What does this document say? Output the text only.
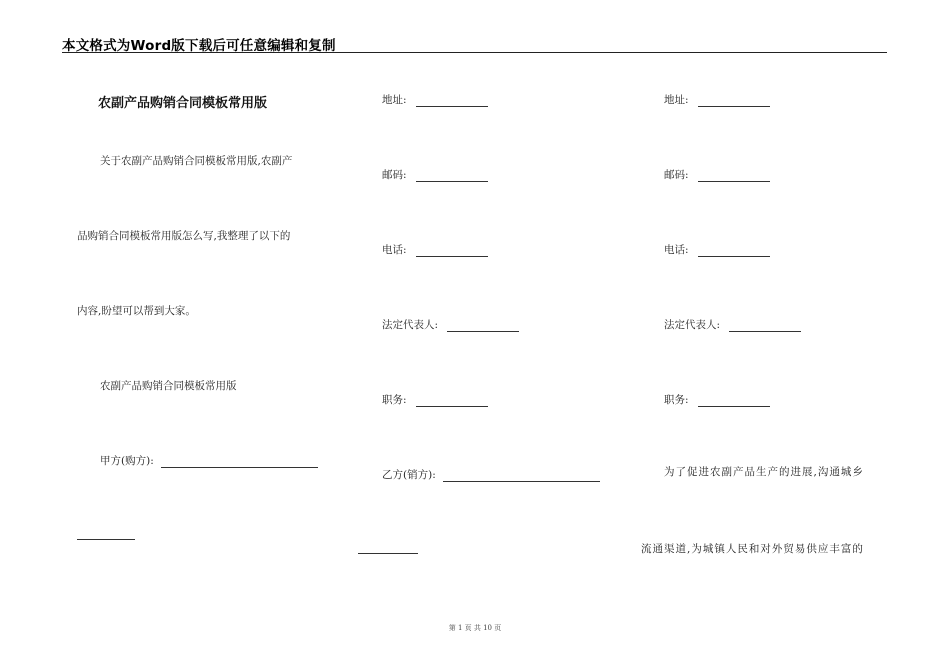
本文格式为Word版下载后可任意编辑和复制
农副产品购销合同模板常用版
关于农副产品购销合同模板常用版,农副产
品购销合同模板常用版怎么写,我整理了以下的
内容,盼望可以帮到大家。
农副产品购销合同模板常用版
甲方(购方):
地址:
邮码:
电话:
法定代表人:
职务:
乙方(销方):
地址:
邮码:
电话:
法定代表人:
职务:
为了促进农副产品生产的进展,沟通城乡
流通渠道,为城镇人民和对外贸易供应丰富的
第 1 页 共 10 页
